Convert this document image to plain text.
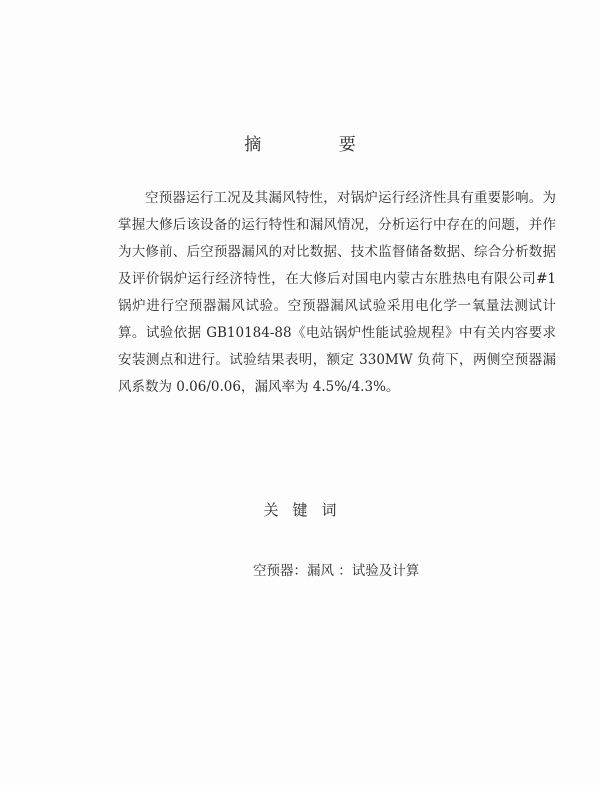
摘 要

空预器运行工况及其漏风特性，对锅炉运行经济性具有重要影响。为掌握大修后该设备的运行特性和漏风情况，分析运行中存在的问题，并作为大修前、后空预器漏风的对比数据、技术监督储备数据、综合分析数据及评价锅炉运行经济特性，在大修后对国电内蒙古东胜热电有限公司#1锅炉进行空预器漏风试验。空预器漏风试验采用电化学一氧量法测试计算。试验依据 GB10184-88《电站锅炉性能试验规程》中有关内容要求安装测点和进行。试验结果表明，额定 330MW 负荷下，两侧空预器漏风系数为 0.06/0.06，漏风率为 4.5%/4.3%。

关键词
空预器：漏风 ：试验及计算
